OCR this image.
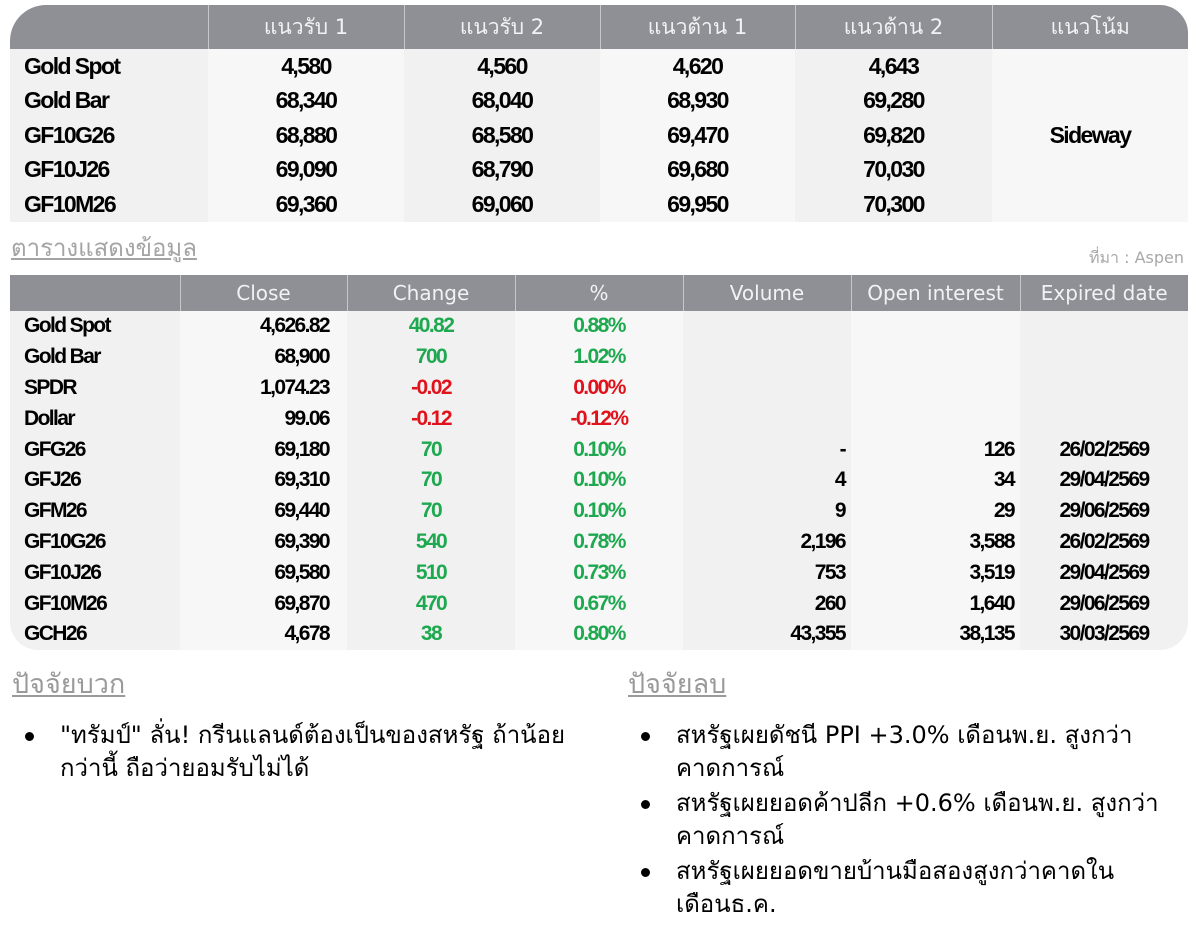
	แนวรับ 1	แนวรับ 2	แนวต้าน 1	แนวต้าน 2	แนวโน้ม
Gold Spot	4,580	4,560	4,620	4,643	Sideway
Gold Bar	68,340	68,040	68,930	69,280	
GF10G26	68,880	68,580	69,470	69,820	
GF10J26	69,090	68,790	69,680	70,030	
GF10M26	69,360	69,060	69,950	70,300	
ตารางแสดงข้อมูล	ที่มา : Aspen
	Close	Change	%	Volume	Open interest	Expired date
Gold Spot	4,626.82	40.82	0.88%			
Gold Bar	68,900	700	1.02%			
SPDR	1,074.23	-0.02	0.00%			
Dollar	99.06	-0.12	-0.12%			
GFG26	69,180	70	0.10%	-	126	26/02/2569
GFJ26	69,310	70	0.10%	4	34	29/04/2569
GFM26	69,440	70	0.10%	9	29	29/06/2569
GF10G26	69,390	540	0.78%	2,196	3,588	26/02/2569
GF10J26	69,580	510	0.73%	753	3,519	29/04/2569
GF10M26	69,870	470	0.67%	260	1,640	29/06/2569
GCH26	4,678	38	0.80%	43,355	38,135	30/03/2569
ปัจจัยบวก
"ทรัมป์" ลั่น! กรีนแลนด์ต้องเป็นของสหรัฐ ถ้าน้อยกว่านี้ ถือว่ายอมรับไม่ได้
ปัจจัยลบ
สหรัฐเผยดัชนี PPI +3.0% เดือนพ.ย. สูงกว่าคาดการณ์
สหรัฐเผยยอดค้าปลีก +0.6% เดือนพ.ย. สูงกว่าคาดการณ์
สหรัฐเผยยอดขายบ้านมือสองสูงกว่าคาดในเดือนธ.ค.
